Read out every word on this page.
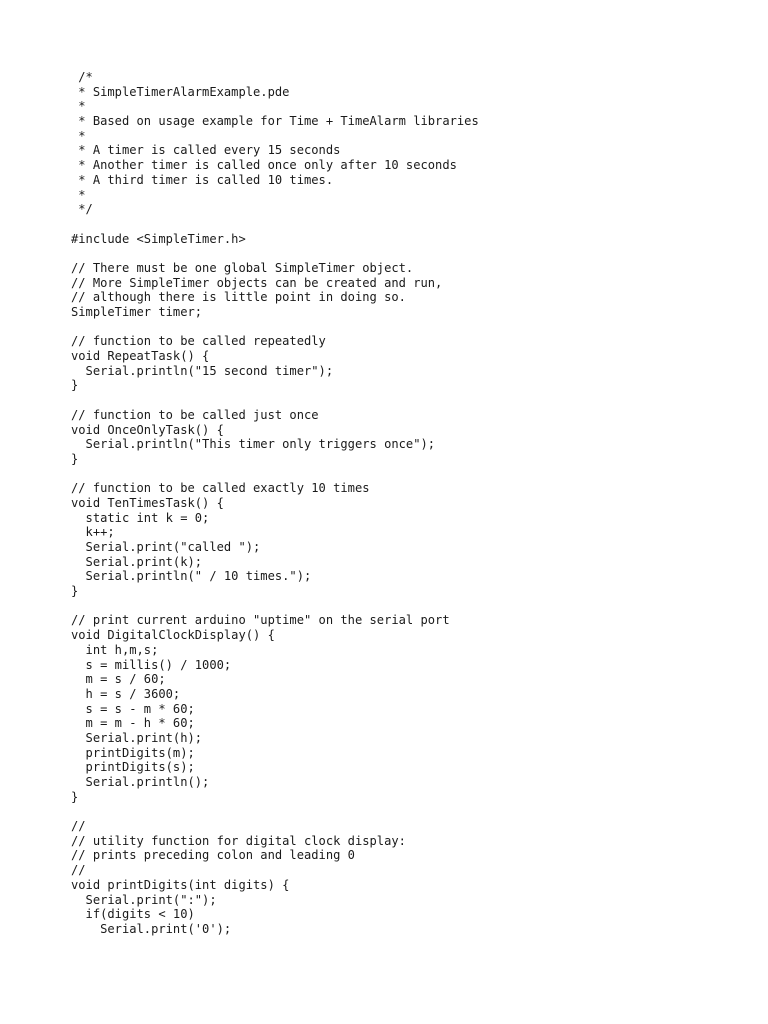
/*
* SimpleTimerAlarmExample.pde
*
* Based on usage example for Time + TimeAlarm libraries
*
* A timer is called every 15 seconds
* Another timer is called once only after 10 seconds
* A third timer is called 10 times.
*
*/
#include <SimpleTimer.h>
// There must be one global SimpleTimer object.
// More SimpleTimer objects can be created and run,
// although there is little point in doing so.
SimpleTimer timer;
// function to be called repeatedly
void RepeatTask() {
Serial.println("15 second timer");
}
// function to be called just once
void OnceOnlyTask() {
Serial.println("This timer only triggers once");
}
// function to be called exactly 10 times
void TenTimesTask() {
static int k = 0;
k++;
Serial.print("called ");
Serial.print(k);
Serial.println(" / 10 times.");
}
// print current arduino "uptime" on the serial port
void DigitalClockDisplay() {
int h,m,s;
s = millis() / 1000;
m = s / 60;
h = s / 3600;
s = s - m * 60;
m = m - h * 60;
Serial.print(h);
printDigits(m);
printDigits(s);
Serial.println();
}
//
// utility function for digital clock display:
// prints preceding colon and leading 0
//
void printDigits(int digits) {
Serial.print(":");
if(digits < 10)
Serial.print('0');
